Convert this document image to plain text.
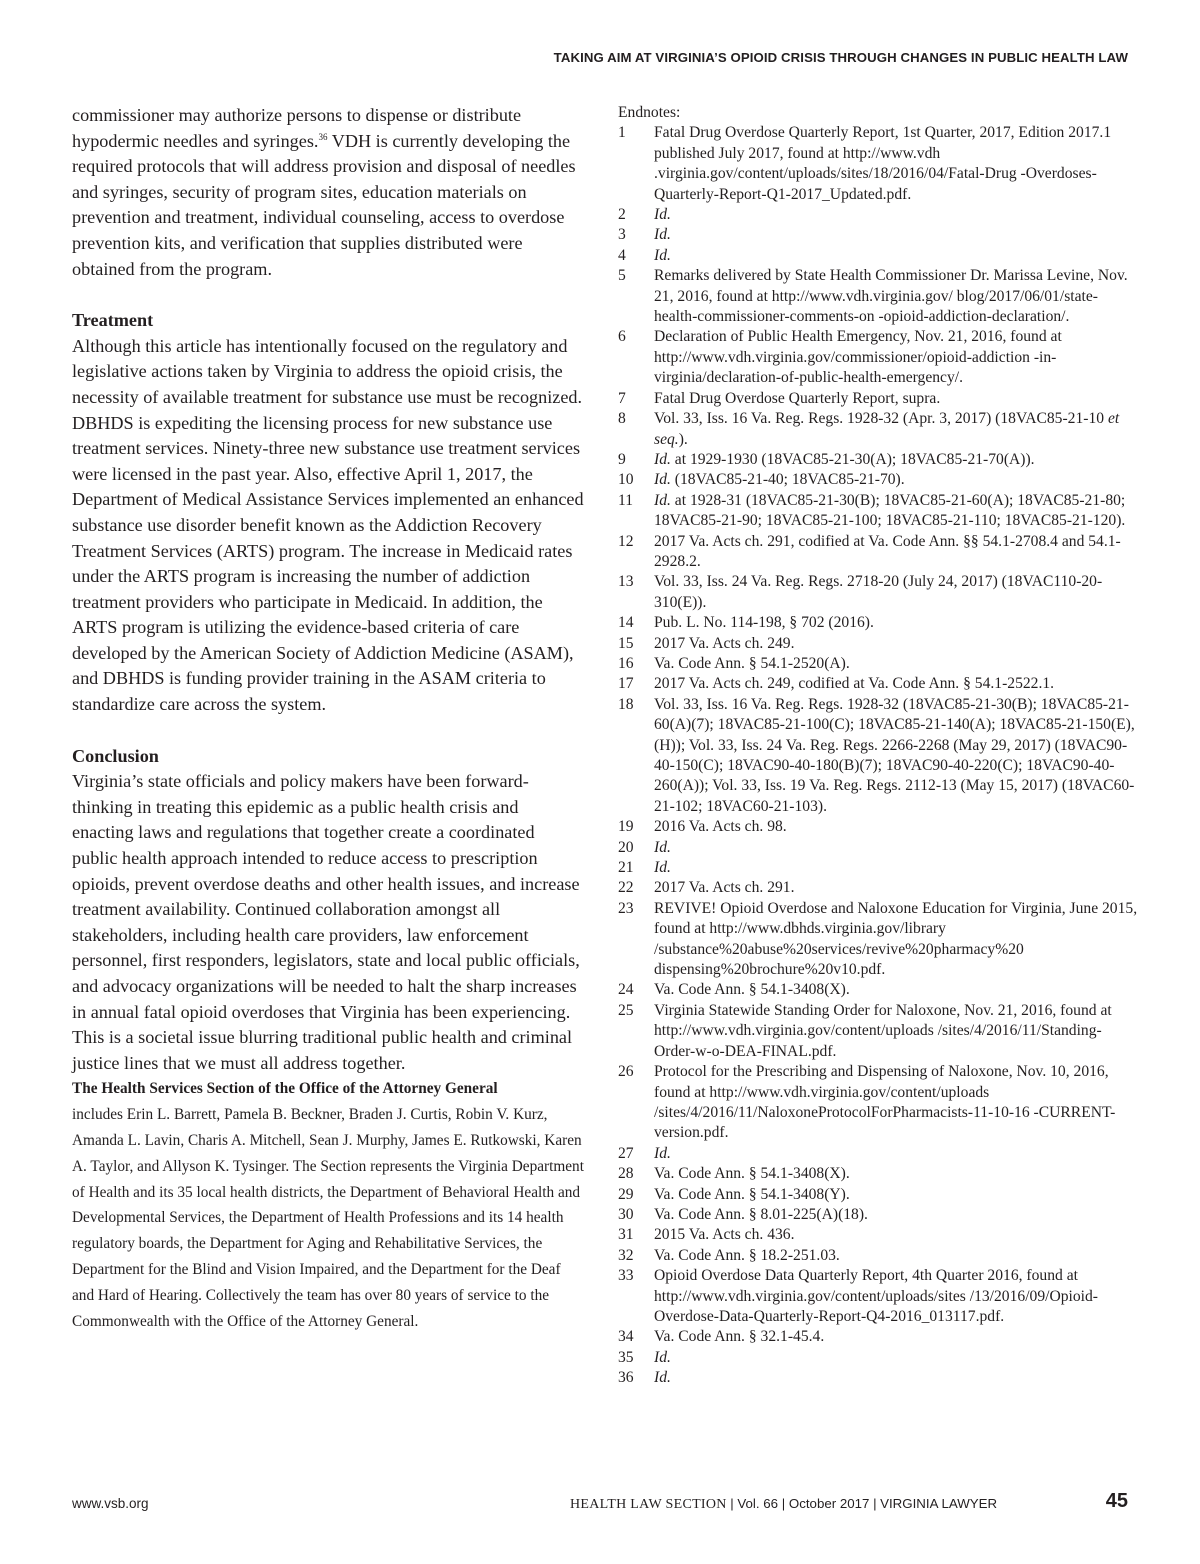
TAKING AIM AT VIRGINIA’S OPIOID CRISIS THROUGH CHANGES IN PUBLIC HEALTH LAW

commissioner may authorize persons to dispense or distribute hypodermic needles and syringes.$^{36}$ VDH is currently developing the required protocols that will address provision and disposal of needles and syringes, security of program sites, education materials on prevention and treatment, individual counseling, access to overdose prevention kits, and verification that supplies distributed were obtained from the program.

Treatment

Although this article has intentionally focused on the regulatory and legislative actions taken by Virginia to address the opioid crisis, the necessity of available treatment for substance use must be recognized. DBHDS is expediting the licensing process for new substance use treatment services. Ninety-three new substance use treatment services were licensed in the past year. Also, effective April 1, 2017, the Department of Medical Assistance Services implemented an enhanced substance use disorder benefit known as the Addiction Recovery Treatment Services (ARTS) program. The increase in Medicaid rates under the ARTS program is increasing the number of addiction treatment providers who participate in Medicaid. In addition, the ARTS program is utilizing the evidence-based criteria of care developed by the American Society of Addiction Medicine (ASAM), and DBHDS is funding provider training in the ASAM criteria to standardize care across the system.

Conclusion

Virginia’s state officials and policy makers have been forward-thinking in treating this epidemic as a public health crisis and enacting laws and regulations that together create a coordinated public health approach intended to reduce access to prescription opioids, prevent overdose deaths and other health issues, and increase treatment availability. Continued collaboration amongst all stakeholders, including health care providers, law enforcement personnel, first responders, legislators, state and local public officials, and advocacy organizations will be needed to halt the sharp increases in annual fatal opioid overdoses that Virginia has been experiencing. This is a societal issue blurring traditional public health and criminal justice lines that we must all address together.

The Health Services Section of the Office of the Attorney General
includes Erin L. Barrett, Pamela B. Beckner, Braden J. Curtis, Robin V. Kurz, Amanda L. Lavin, Charis A. Mitchell, Sean J. Murphy, James E. Rutkowski, Karen A. Taylor, and Allyson K. Tysinger. The Section represents the Virginia Department of Health and its 35 local health districts, the Department of Behavioral Health and Developmental Services, the Department of Health Professions and its 14 health regulatory boards, the Department for Aging and Rehabilitative Services, the Department for the Blind and Vision Impaired, and the Department for the Deaf and Hard of Hearing. Collectively the team has over 80 years of service to the Commonwealth with the Office of the Attorney General.

Endnotes:

1	Fatal Drug Overdose Quarterly Report, 1st Quarter, 2017, Edition 2017.1 published July 2017, found at http://www.vdh .virginia.gov/content/uploads/sites/18/2016/04/Fatal-Drug -Overdoses-Quarterly-Report-Q1-2017_Updated.pdf.
2	Id.
3	Id.
4	Id.
5	Remarks delivered by State Health Commissioner Dr. Marissa Levine, Nov. 21, 2016, found at http://www.vdh.virginia.gov/ blog/2017/06/01/state-health-commissioner-comments-on -opioid-addiction-declaration/.
6	Declaration of Public Health Emergency, Nov. 21, 2016, found at http://www.vdh.virginia.gov/commissioner/opioid-addiction -in-virginia/declaration-of-public-health-emergency/.
7	Fatal Drug Overdose Quarterly Report, supra.
8	Vol. 33, Iss. 16 Va. Reg. Regs. 1928-32 (Apr. 3, 2017) (18VAC85-21-10 et seq.).
9	Id. at 1929-1930 (18VAC85-21-30(A); 18VAC85-21-70(A)).
10	Id. (18VAC85-21-40; 18VAC85-21-70).
11	Id. at 1928-31 (18VAC85-21-30(B); 18VAC85-21-60(A); 18VAC85-21-80; 18VAC85-21-90; 18VAC85-21-100; 18VAC85-21-110; 18VAC85-21-120).
12	2017 Va. Acts ch. 291, codified at Va. Code Ann. §§ 54.1-2708.4 and 54.1-2928.2.
13	Vol. 33, Iss. 24 Va. Reg. Regs. 2718-20 (July 24, 2017) (18VAC110-20-310(E)).
14	Pub. L. No. 114-198, § 702 (2016).
15	2017 Va. Acts ch. 249.
16	Va. Code Ann. § 54.1-2520(A).
17	2017 Va. Acts ch. 249, codified at Va. Code Ann. § 54.1-2522.1.
18	Vol. 33, Iss. 16 Va. Reg. Regs. 1928-32 (18VAC85-21-30(B); 18VAC85-21-60(A)(7); 18VAC85-21-100(C); 18VAC85-21-140(A); 18VAC85-21-150(E), (H)); Vol. 33, Iss. 24 Va. Reg. Regs. 2266-2268 (May 29, 2017) (18VAC90-40-150(C); 18VAC90-40-180(B)(7); 18VAC90-40-220(C); 18VAC90-40-260(A)); Vol. 33, Iss. 19 Va. Reg. Regs. 2112-13 (May 15, 2017) (18VAC60-21-102; 18VAC60-21-103).
19	2016 Va. Acts ch. 98.
20	Id.
21	Id.
22	2017 Va. Acts ch. 291.
23	REVIVE! Opioid Overdose and Naloxone Education for Virginia, June 2015, found at http://www.dbhds.virginia.gov/library /substance%20abuse%20services/revive%20pharmacy%20 dispensing%20brochure%20v10.pdf.
24	Va. Code Ann. § 54.1-3408(X).
25	Virginia Statewide Standing Order for Naloxone, Nov. 21, 2016, found at http://www.vdh.virginia.gov/content/uploads /sites/4/2016/11/Standing-Order-w-o-DEA-FINAL.pdf.
26	Protocol for the Prescribing and Dispensing of Naloxone, Nov. 10, 2016, found at http://www.vdh.virginia.gov/content/uploads /sites/4/2016/11/NaloxoneProtocolForPharmacists-11-10-16 -CURRENT-version.pdf.
27	Id.
28	Va. Code Ann. § 54.1-3408(X).
29	Va. Code Ann. § 54.1-3408(Y).
30	Va. Code Ann. § 8.01-225(A)(18).
31	2015 Va. Acts ch. 436.
32	Va. Code Ann. § 18.2-251.03.
33	Opioid Overdose Data Quarterly Report, 4th Quarter 2016, found at http://www.vdh.virginia.gov/content/uploads/sites /13/2016/09/Opioid-Overdose-Data-Quarterly-Report-Q4-2016_013117.pdf.
34	Va. Code Ann. § 32.1-45.4.
35	Id.
36	Id.

www.vsb.org	HEALTH LAW SECTION | Vol. 66 | October 2017 | VIRGINIA LAWYER	45
